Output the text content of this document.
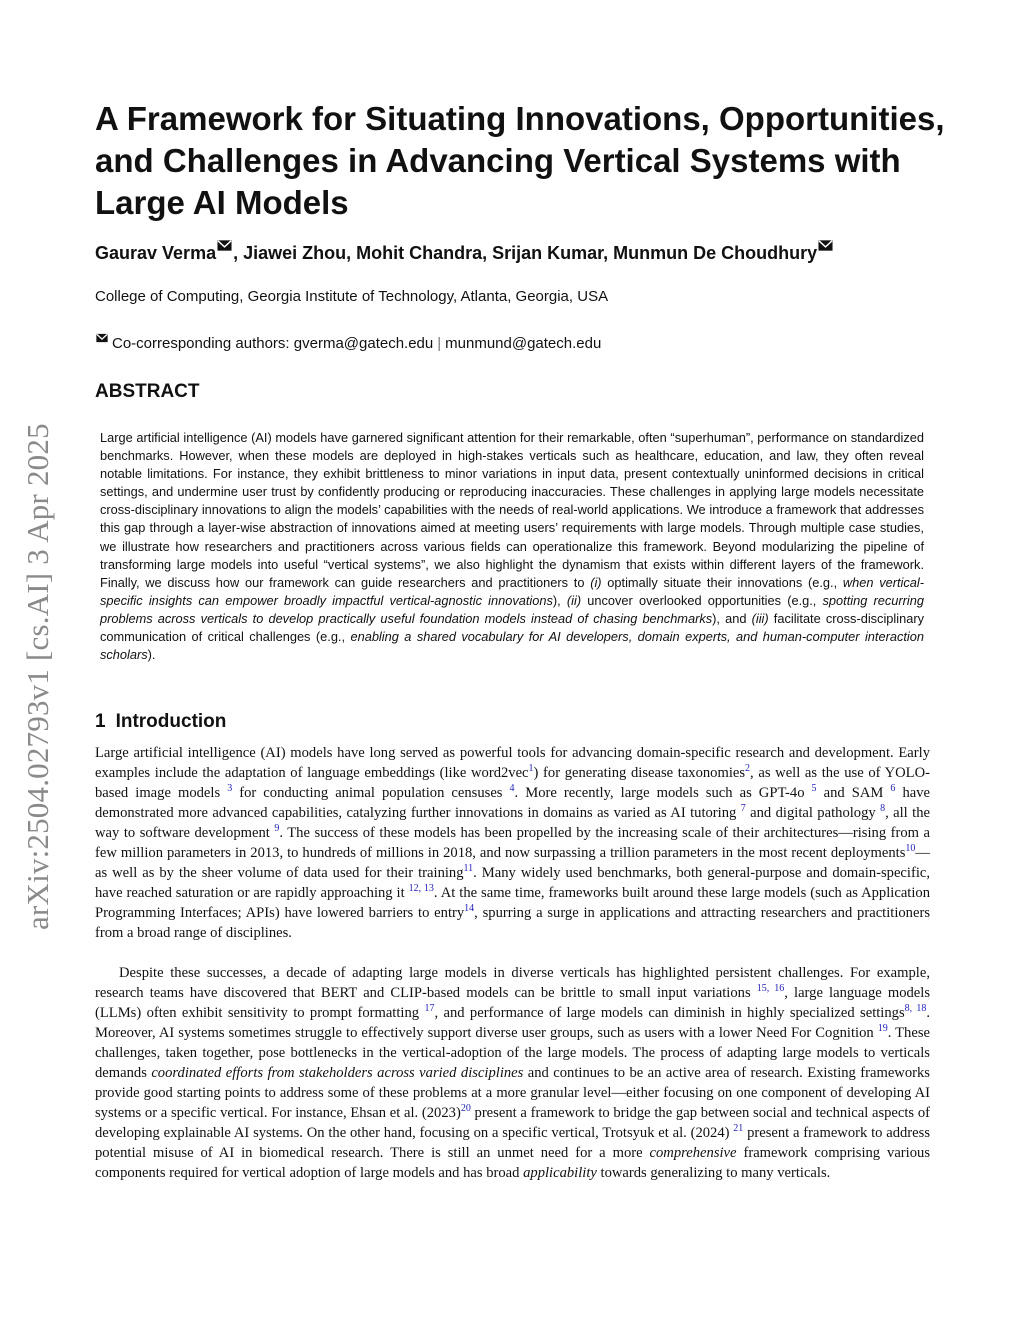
arXiv:2504.02793v1 [cs.AI] 3 Apr 2025
A Framework for Situating Innovations, Opportunities, and Challenges in Advancing Vertical Systems with Large AI Models
Gaurav Verma , Jiawei Zhou, Mohit Chandra, Srijan Kumar, Munmun De Choudhury
College of Computing, Georgia Institute of Technology, Atlanta, Georgia, USA
Co-corresponding authors: gverma@gatech.edu | munmund@gatech.edu
ABSTRACT

Large artificial intelligence (AI) models have garnered significant attention for their remarkable, often “superhuman”, performance on standardized benchmarks. However, when these models are deployed in high-stakes verticals such as healthcare, education, and law, they often reveal notable limitations. For instance, they exhibit brittleness to minor variations in input data, present contextually uninformed decisions in critical settings, and undermine user trust by confidently producing or reproducing inaccuracies. These challenges in applying large models necessitate cross-disciplinary innovations to align the models’ capabilities with the needs of real-world applications. We introduce a framework that addresses this gap through a layer-wise abstraction of innovations aimed at meeting users’ requirements with large models. Through multiple case studies, we illustrate how researchers and practitioners across various fields can operationalize this framework. Beyond modularizing the pipeline of transforming large models into useful “vertical systems”, we also highlight the dynamism that exists within different layers of the framework. Finally, we discuss how our framework can guide researchers and practitioners to (i) optimally situate their innovations (e.g., when vertical-specific insights can empower broadly impactful vertical-agnostic innovations), (ii) uncover overlooked opportunities (e.g., spotting recurring problems across verticals to develop practically useful foundation models instead of chasing benchmarks), and (iii) facilitate cross-disciplinary communication of critical challenges (e.g., enabling a shared vocabulary for AI developers, domain experts, and human-computer interaction scholars).

1 Introduction

Large artificial intelligence (AI) models have long served as powerful tools for advancing domain-specific research and development. Early examples include the adaptation of language embeddings (like word2vec$^1$) for generating disease taxonomies$^2$, as well as the use of YOLO-based image models $^3$ for conducting animal population censuses $^4$. More recently, large models such as GPT-4o $^5$ and SAM $^6$ have demonstrated more advanced capabilities, catalyzing further innovations in domains as varied as AI tutoring $^7$ and digital pathology $^8$, all the way to software development $^9$. The success of these models has been propelled by the increasing scale of their architectures—rising from a few million parameters in 2013, to hundreds of millions in 2018, and now surpassing a trillion parameters in the most recent deployments$^{10}$—as well as by the sheer volume of data used for their training$^{11}$. Many widely used benchmarks, both general-purpose and domain-specific, have reached saturation or are rapidly approaching it $^{12, 13}$. At the same time, frameworks built around these large models (such as Application Programming Interfaces; APIs) have lowered barriers to entry$^{14}$, spurring a surge in applications and attracting researchers and practitioners from a broad range of disciplines.

Despite these successes, a decade of adapting large models in diverse verticals has highlighted persistent challenges. For example, research teams have discovered that BERT and CLIP-based models can be brittle to small input variations $^{15, 16}$, large language models (LLMs) often exhibit sensitivity to prompt formatting $^{17}$, and performance of large models can diminish in highly specialized settings$^{8, 18}$. Moreover, AI systems sometimes struggle to effectively support diverse user groups, such as users with a lower Need For Cognition $^{19}$. These challenges, taken together, pose bottlenecks in the vertical-adoption of the large models. The process of adapting large models to verticals demands coordinated efforts from stakeholders across varied disciplines and continues to be an active area of research. Existing frameworks provide good starting points to address some of these problems at a more granular level—either focusing on one component of developing AI systems or a specific vertical. For instance, Ehsan et al. (2023)$^{20}$ present a framework to bridge the gap between social and technical aspects of developing explainable AI systems. On the other hand, focusing on a specific vertical, Trotsyuk et al. (2024) $^{21}$ present a framework to address potential misuse of AI in biomedical research. There is still an unmet need for a more comprehensive framework comprising various components required for vertical adoption of large models and has broad applicability towards generalizing to many verticals.
